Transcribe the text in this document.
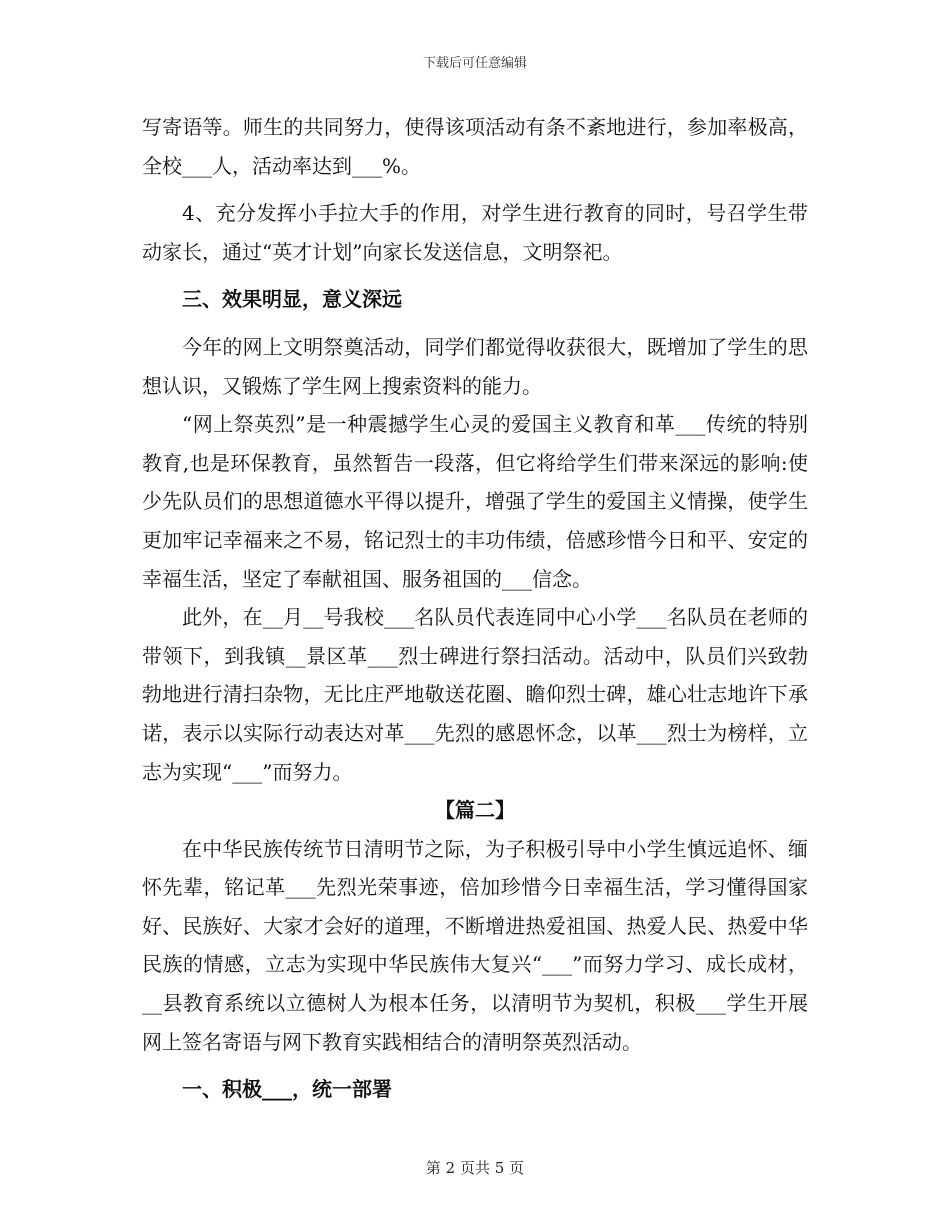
下载后可任意编辑

写寄语等。师生的共同努力，使得该项活动有条不紊地进行，参加率极高，全校___人，活动率达到___%。

4、充分发挥小手拉大手的作用，对学生进行教育的同时，号召学生带动家长，通过“英才计划”向家长发送信息，文明祭祀。

三、效果明显，意义深远

今年的网上文明祭奠活动，同学们都觉得收获很大，既增加了学生的思想认识，又锻炼了学生网上搜索资料的能力。

“网上祭英烈”是一种震撼学生心灵的爱国主义教育和革___传统的特别教育,也是环保教育，虽然暂告一段落，但它将给学生们带来深远的影响:使少先队员们的思想道德水平得以提升，增强了学生的爱国主义情操，使学生更加牢记幸福来之不易，铭记烈士的丰功伟绩，倍感珍惜今日和平、安定的幸福生活，坚定了奉献祖国、服务祖国的___信念。

此外，在__月__号我校___名队员代表连同中心小学___名队员在老师的带领下，到我镇__景区革___烈士碑进行祭扫活动。活动中，队员们兴致勃勃地进行清扫杂物，无比庄严地敬送花圈、瞻仰烈士碑，雄心壮志地许下承诺，表示以实际行动表达对革___先烈的感恩怀念，以革___烈士为榜样，立志为实现“___”而努力。

【篇二】

在中华民族传统节日清明节之际，为子积极引导中小学生慎远追怀、缅怀先辈，铭记革___先烈光荣事迹，倍加珍惜今日幸福生活，学习懂得国家好、民族好、大家才会好的道理，不断增进热爱祖国、热爱人民、热爱中华民族的情感，立志为实现中华民族伟大复兴“___”而努力学习、成长成材，__县教育系统以立德树人为根本任务，以清明节为契机，积极___学生开展网上签名寄语与网下教育实践相结合的清明祭英烈活动。

一、积极___，统一部署

第 2 页共 5 页
